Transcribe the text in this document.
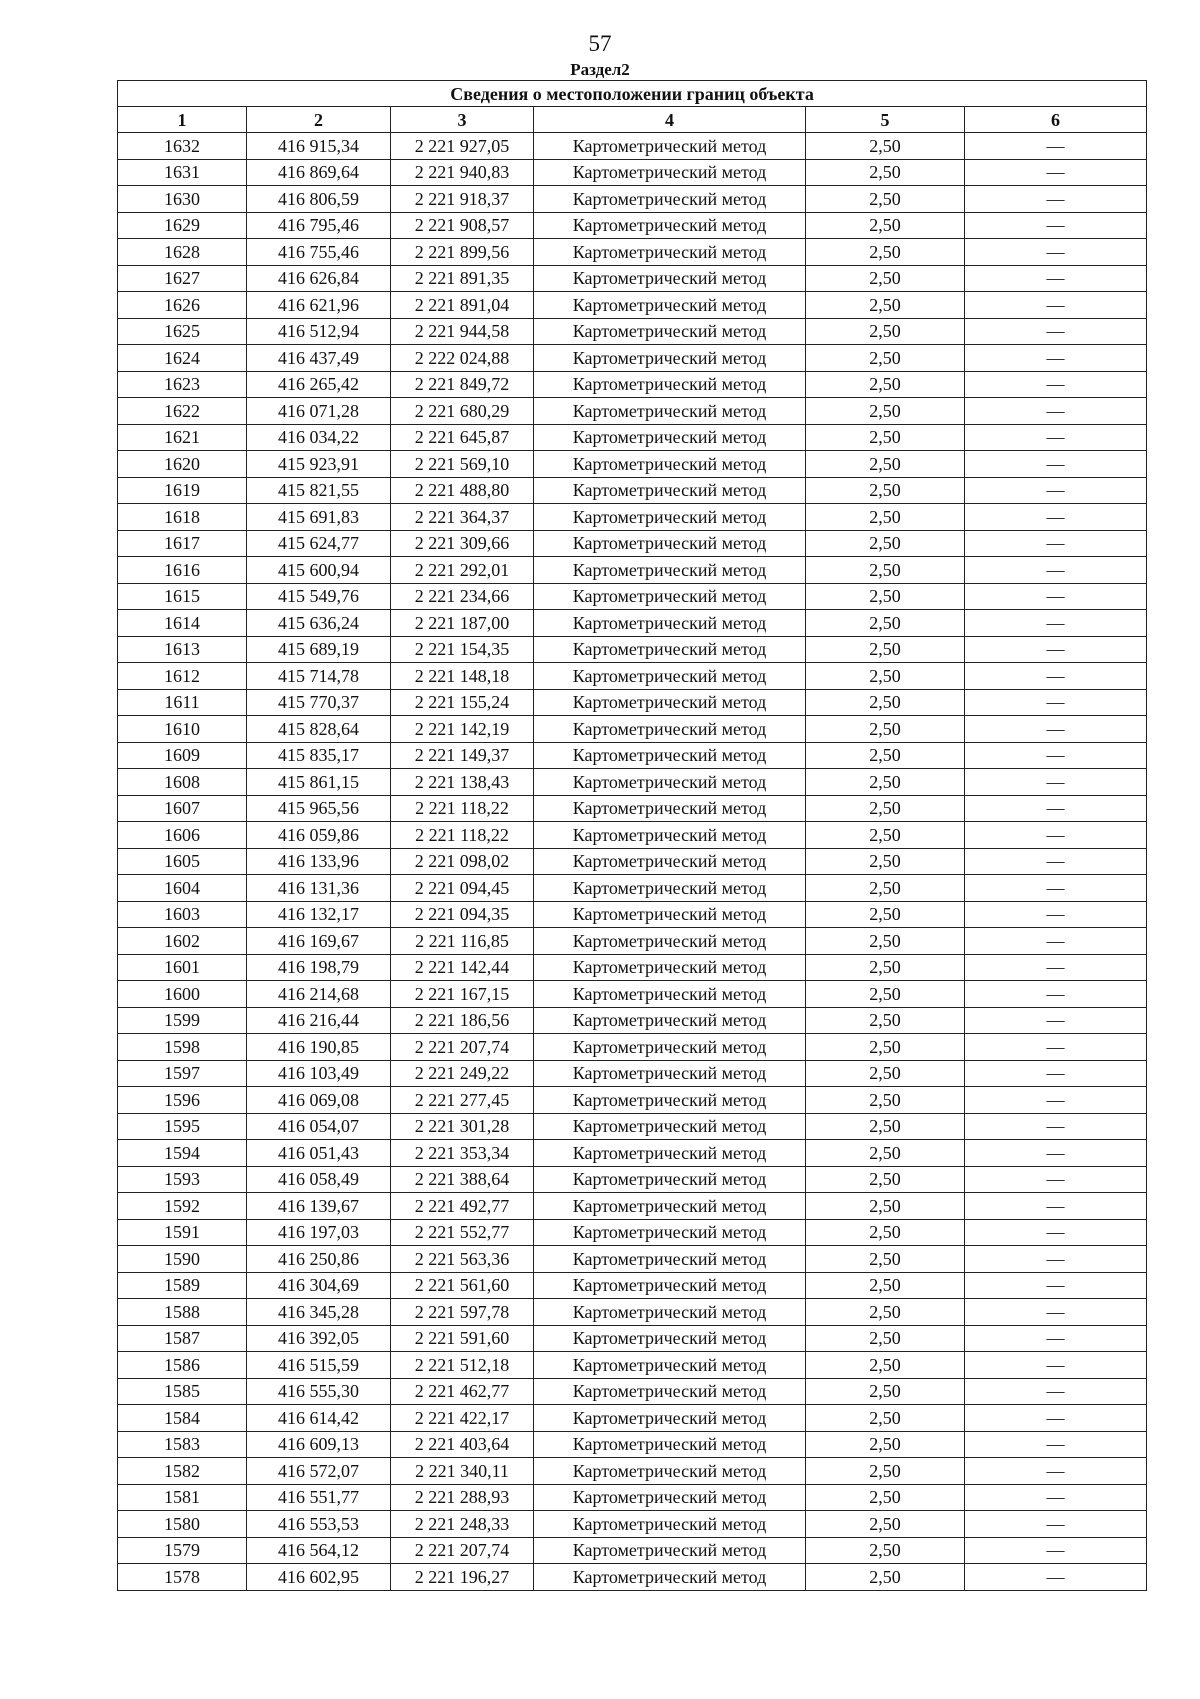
57
Раздел2
Сведения о местоположении границ объекта					
1	2	3	4	5	6
1632	416 915,34	2 221 927,05	Картометрический метод	2,50	—
1631	416 869,64	2 221 940,83	Картометрический метод	2,50	—
1630	416 806,59	2 221 918,37	Картометрический метод	2,50	—
1629	416 795,46	2 221 908,57	Картометрический метод	2,50	—
1628	416 755,46	2 221 899,56	Картометрический метод	2,50	—
1627	416 626,84	2 221 891,35	Картометрический метод	2,50	—
1626	416 621,96	2 221 891,04	Картометрический метод	2,50	—
1625	416 512,94	2 221 944,58	Картометрический метод	2,50	—
1624	416 437,49	2 222 024,88	Картометрический метод	2,50	—
1623	416 265,42	2 221 849,72	Картометрический метод	2,50	—
1622	416 071,28	2 221 680,29	Картометрический метод	2,50	—
1621	416 034,22	2 221 645,87	Картометрический метод	2,50	—
1620	415 923,91	2 221 569,10	Картометрический метод	2,50	—
1619	415 821,55	2 221 488,80	Картометрический метод	2,50	—
1618	415 691,83	2 221 364,37	Картометрический метод	2,50	—
1617	415 624,77	2 221 309,66	Картометрический метод	2,50	—
1616	415 600,94	2 221 292,01	Картометрический метод	2,50	—
1615	415 549,76	2 221 234,66	Картометрический метод	2,50	—
1614	415 636,24	2 221 187,00	Картометрический метод	2,50	—
1613	415 689,19	2 221 154,35	Картометрический метод	2,50	—
1612	415 714,78	2 221 148,18	Картометрический метод	2,50	—
1611	415 770,37	2 221 155,24	Картометрический метод	2,50	—
1610	415 828,64	2 221 142,19	Картометрический метод	2,50	—
1609	415 835,17	2 221 149,37	Картометрический метод	2,50	—
1608	415 861,15	2 221 138,43	Картометрический метод	2,50	—
1607	415 965,56	2 221 118,22	Картометрический метод	2,50	—
1606	416 059,86	2 221 118,22	Картометрический метод	2,50	—
1605	416 133,96	2 221 098,02	Картометрический метод	2,50	—
1604	416 131,36	2 221 094,45	Картометрический метод	2,50	—
1603	416 132,17	2 221 094,35	Картометрический метод	2,50	—
1602	416 169,67	2 221 116,85	Картометрический метод	2,50	—
1601	416 198,79	2 221 142,44	Картометрический метод	2,50	—
1600	416 214,68	2 221 167,15	Картометрический метод	2,50	—
1599	416 216,44	2 221 186,56	Картометрический метод	2,50	—
1598	416 190,85	2 221 207,74	Картометрический метод	2,50	—
1597	416 103,49	2 221 249,22	Картометрический метод	2,50	—
1596	416 069,08	2 221 277,45	Картометрический метод	2,50	—
1595	416 054,07	2 221 301,28	Картометрический метод	2,50	—
1594	416 051,43	2 221 353,34	Картометрический метод	2,50	—
1593	416 058,49	2 221 388,64	Картометрический метод	2,50	—
1592	416 139,67	2 221 492,77	Картометрический метод	2,50	—
1591	416 197,03	2 221 552,77	Картометрический метод	2,50	—
1590	416 250,86	2 221 563,36	Картометрический метод	2,50	—
1589	416 304,69	2 221 561,60	Картометрический метод	2,50	—
1588	416 345,28	2 221 597,78	Картометрический метод	2,50	—
1587	416 392,05	2 221 591,60	Картометрический метод	2,50	—
1586	416 515,59	2 221 512,18	Картометрический метод	2,50	—
1585	416 555,30	2 221 462,77	Картометрический метод	2,50	—
1584	416 614,42	2 221 422,17	Картометрический метод	2,50	—
1583	416 609,13	2 221 403,64	Картометрический метод	2,50	—
1582	416 572,07	2 221 340,11	Картометрический метод	2,50	—
1581	416 551,77	2 221 288,93	Картометрический метод	2,50	—
1580	416 553,53	2 221 248,33	Картометрический метод	2,50	—
1579	416 564,12	2 221 207,74	Картометрический метод	2,50	—
1578	416 602,95	2 221 196,27	Картометрический метод	2,50	—
